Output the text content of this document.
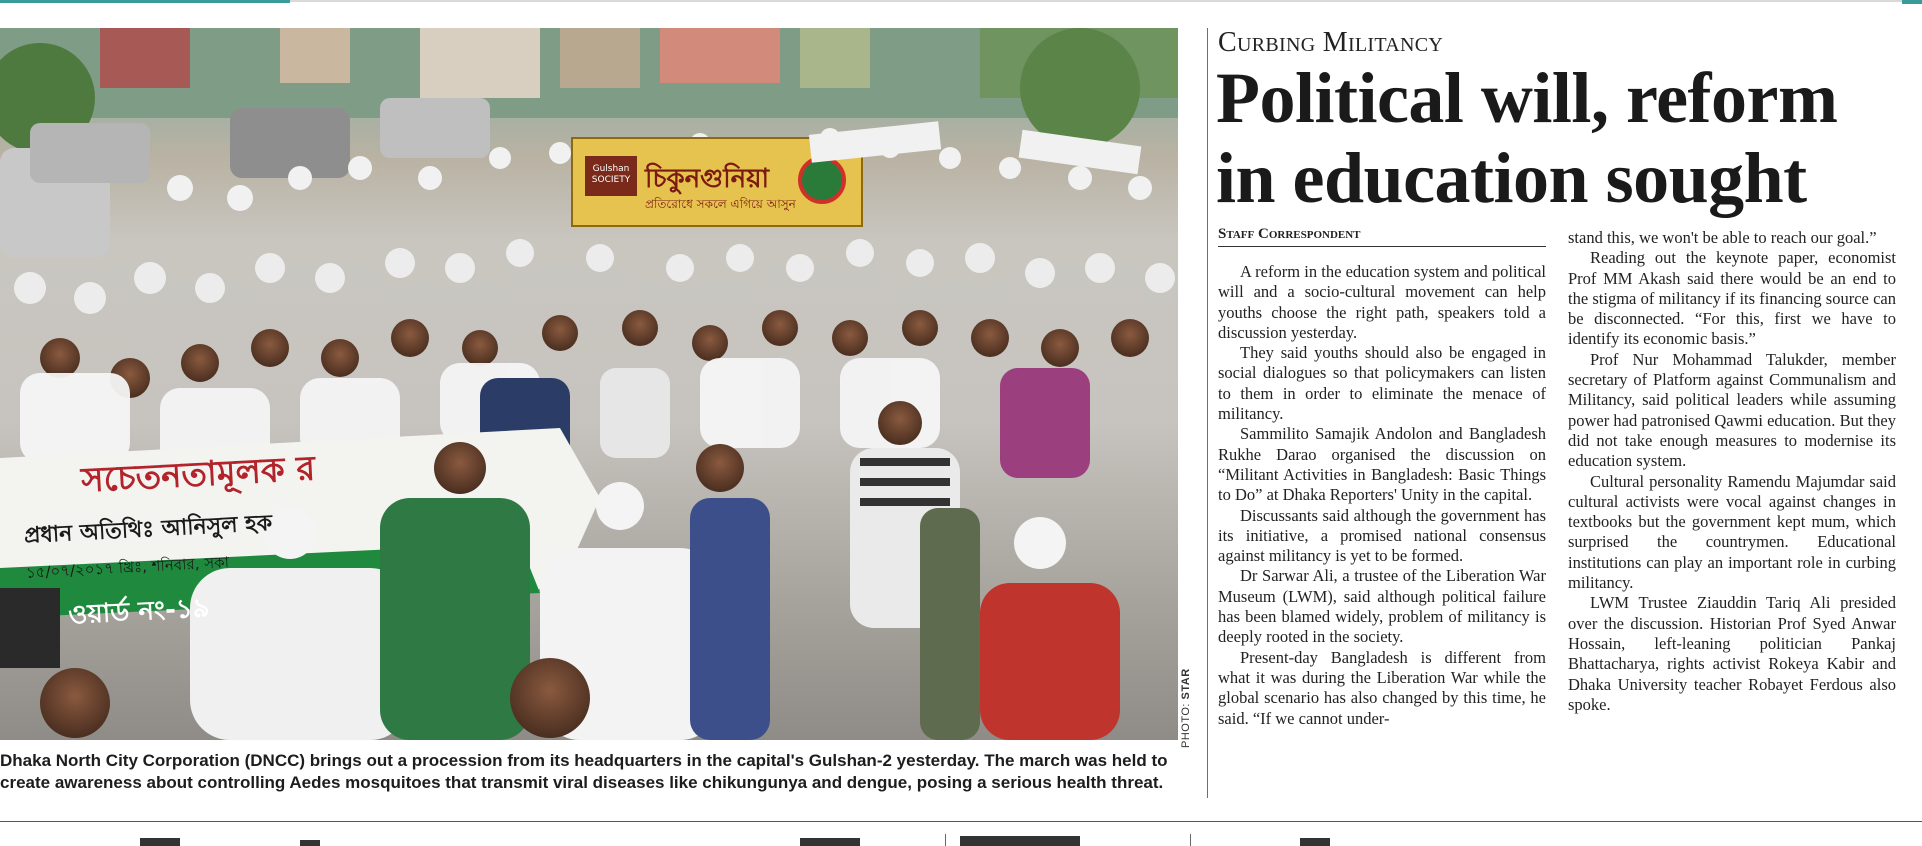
Gulshan SOCIETY চিকুনগুনিয়া
প্রতিরোধে সকলে এগিয়ে আসুন
সচেতনতামূলক র
প্রধান অতিথিঃ আনিসুল হক
১৫/০৭/২০১৭ খ্রিঃ, শনিবার, সকা
ওয়ার্ড নং-১৯
PHOTO: STAR

Dhaka North City Corporation (DNCC) brings out a procession from its headquarters in the capital's Gulshan-2 yesterday. The march was held to

create awareness about controlling Aedes mosquitoes that transmit viral diseases like chikungunya and dengue, posing a serious health threat.

Curbing Militancy

Political will, reform

in education sought

Staff Correspondent

A reform in the education system and political will and a socio-cultural movement can help youths choose the right path, speakers told a discussion yesterday.

They said youths should also be engaged in social dialogues so that policymakers can listen to them in order to eliminate the menace of militancy.

Sammilito Samajik Andolon and Bangladesh Rukhe Darao organised the discussion on “Militant Activities in Bangladesh: Basic Things to Do” at Dhaka Reporters' Unity in the capital.

Discussants said although the government has its initiative, a promised national consensus against militancy is yet to be formed.

Dr Sarwar Ali, a trustee of the Liberation War Museum (LWM), said although political failure has been blamed widely, problem of militancy is deeply rooted in the society.

Present-day Bangladesh is different from what it was during the Liberation War while the global scenario has also changed by this time, he said. “If we cannot under-

stand this, we won't be able to reach our goal.”

Reading out the keynote paper, economist Prof MM Akash said there would be an end to the stigma of militancy if its financing source can be disconnected. “For this, first we have to identify its economic basis.”

Prof Nur Mohammad Talukder, member secretary of Platform against Communalism and Militancy, said political leaders while assuming power had patronised Qawmi education. But they did not take enough measures to modernise its education system.

Cultural personality Ramendu Majumdar said cultural activists were vocal against changes in textbooks but the government kept mum, which surprised the countrymen. Educational institutions can play an important role in curbing militancy.

LWM Trustee Ziauddin Tariq Ali presided over the discussion. Historian Prof Syed Anwar Hossain, left-leaning politician Pankaj Bhattacharya, rights activist Rokeya Kabir and Dhaka University teacher Robayet Ferdous also spoke.
